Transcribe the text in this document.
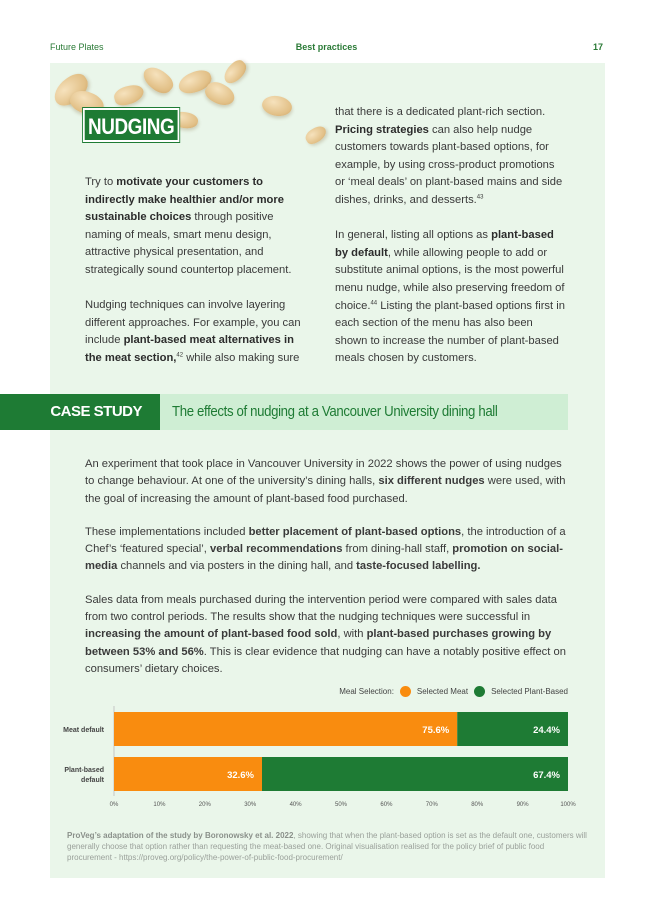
Future Plates	Best practices	17
NUDGING

Try to motivate your customers to indirectly make healthier and/or more sustainable choices through positive naming of meals, smart menu design, attractive physical presentation, and strategically sound countertop placement.

Nudging techniques can involve layering different approaches. For example, you can include plant-based meat alternatives in the meat section,$^{42}$ while also making sure

that there is a dedicated plant-rich section. Pricing strategies can also help nudge customers towards plant-based options, for example, by using cross-product promotions or ‘meal deals’ on plant-based mains and side dishes, drinks, and desserts.$^{43}$

In general, listing all options as plant-based by default, while allowing people to add or substitute animal options, is the most powerful menu nudge, while also preserving freedom of choice.$^{44}$ Listing the plant-based options first in each section of the menu has also been shown to increase the number of plant-based meals chosen by customers.

CASE STUDY	The effects of nudging at a Vancouver University dining hall

An experiment that took place in Vancouver University in 2022 shows the power of using nudges to change behaviour. At one of the university’s dining halls, six different nudges were used, with the goal of increasing the amount of plant-based food purchased.

These implementations included better placement of plant-based options, the introduction of a Chef’s ‘featured special’, verbal recommendations from dining-hall staff, promotion on social-media channels and via posters in the dining hall, and taste-focused labelling.

Sales data from meals purchased during the intervention period were compared with sales data from two control periods. The results show that the nudging techniques were successful in increasing the amount of plant-based food sold, with plant-based purchases growing by between 53% and 56%. This is clear evidence that nudging can have a notably positive effect on consumers’ dietary choices.

Meal Selection:	Selected Meat	Selected Plant-Based
Meat default	75.6%	24.4%
Plant-based default	32.6%	67.4%
0%	10%	20%	30%	40%	50%	60%	70%	80%	90%	100%
ProVeg’s adaptation of the study by Boronowsky et al. 2022, showing that when the plant-based option is set as the default one, customers will generally choose that option rather than requesting the meat-based one. Original visualisation realised for the policy brief of public food procurement - https://proveg.org/policy/the-power-of-public-food-procurement/
